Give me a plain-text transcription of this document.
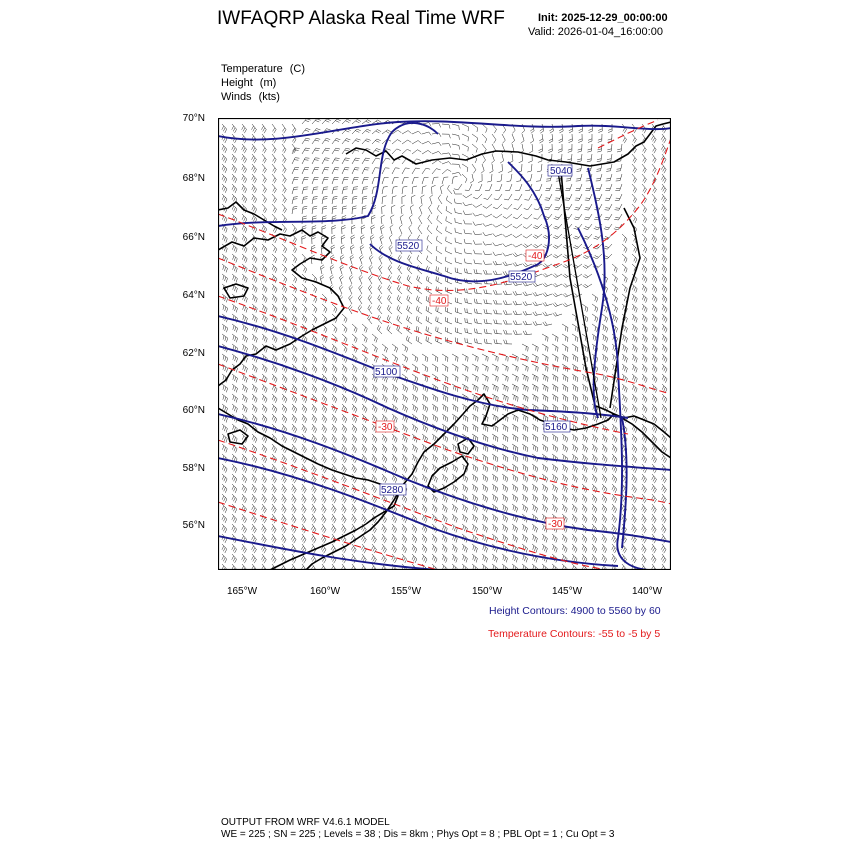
IWFAQRP Alaska Real Time WRF	Init: 2025-12-29_00:00:00
Valid: 2026-01-04_16:00:00
Temperature (C)
Height (m)
Winds (kts)
70°N
68°N
66°N
64°N
62°N
60°N
58°N
56°N
165°W	160°W	155°W	150°W	145°W	140°W
5040
5520
5520
5100
5160
5280
-40
-40
-30
-30
Height Contours: 4900 to 5560 by 60
Temperature Contours: -55 to -5 by 5
OUTPUT FROM WRF V4.6.1 MODEL
WE = 225 ; SN = 225 ; Levels = 38 ; Dis = 8km ; Phys Opt = 8 ; PBL Opt = 1 ; Cu Opt = 3
